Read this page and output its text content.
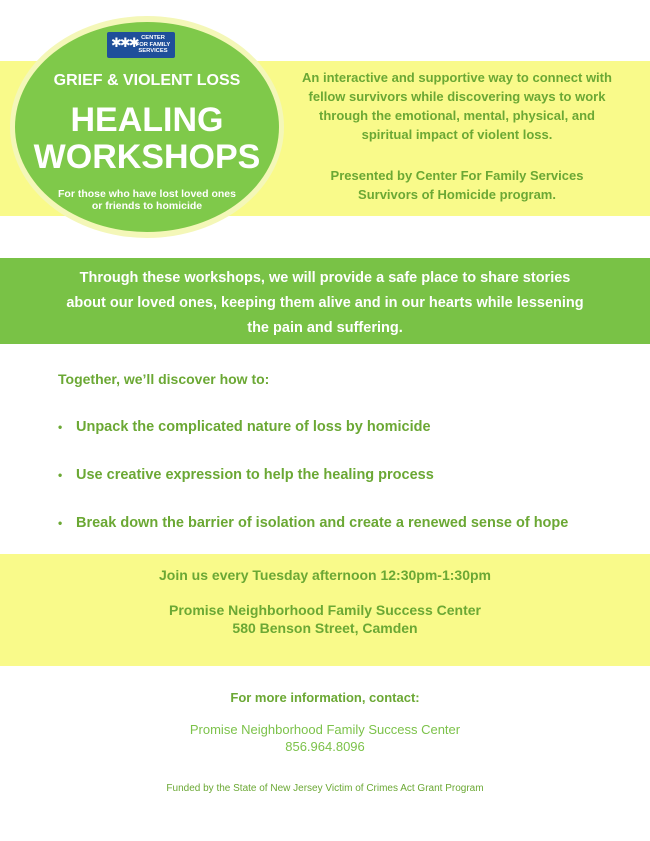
✱✱✱ CENTER
FOR FAMILY
SERVICES
GRIEF & VIOLENT LOSS
HEALING
WORKSHOPS
For those who have lost loved ones
or friends to homicide
An interactive and supportive way to connect with
fellow survivors while discovering ways to work
through the emotional, mental, physical, and
spiritual impact of violent loss.
Presented by Center For Family Services
Survivors of Homicide program.
Through these workshops, we will provide a safe place to share stories
about our loved ones, keeping them alive and in our hearts while lessening
the pain and suffering.
Together, we’ll discover how to:
• Unpack the complicated nature of loss by homicide
• Use creative expression to help the healing process
• Break down the barrier of isolation and create a renewed sense of hope
Join us every Tuesday afternoon 12:30pm-1:30pm
Promise Neighborhood Family Success Center
580 Benson Street, Camden
For more information, contact:
Promise Neighborhood Family Success Center
856.964.8096
Funded by the State of New Jersey Victim of Crimes Act Grant Program
